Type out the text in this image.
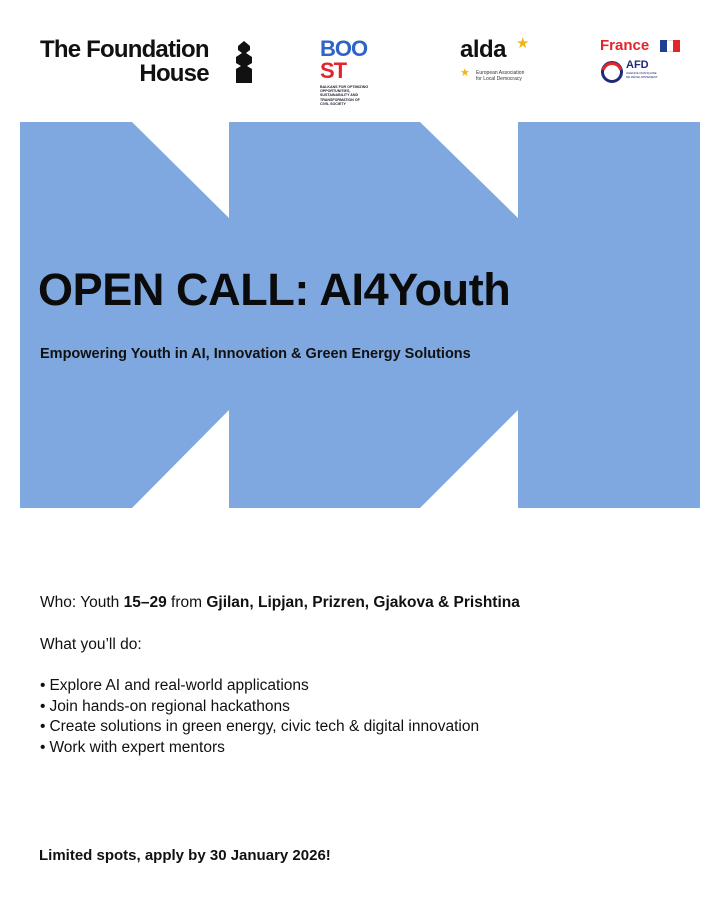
The Foundation
House
BOOST
BALKANS FOR OPTIMIZING OPPORTUNITIES,
SUSTAINABILITY AND TRANSFORMATION OF
CIVIL SOCIETY
alda ★
★ European Association
for Local Democracy
France
AFD
AGENCE FRANÇAISE
DE DÉVELOPPEMENT
OPEN CALL: AI4Youth
Empowering Youth in AI, Innovation & Green Energy Solutions
Who: Youth 15–29 from Gjilan, Lipjan, Prizren, Gjakova & Prishtina
What you’ll do:
• Explore AI and real-world applications
• Join hands-on regional hackathons
• Create solutions in green energy, civic tech & digital innovation
• Work with expert mentors
Limited spots, apply by 30 January 2026!
